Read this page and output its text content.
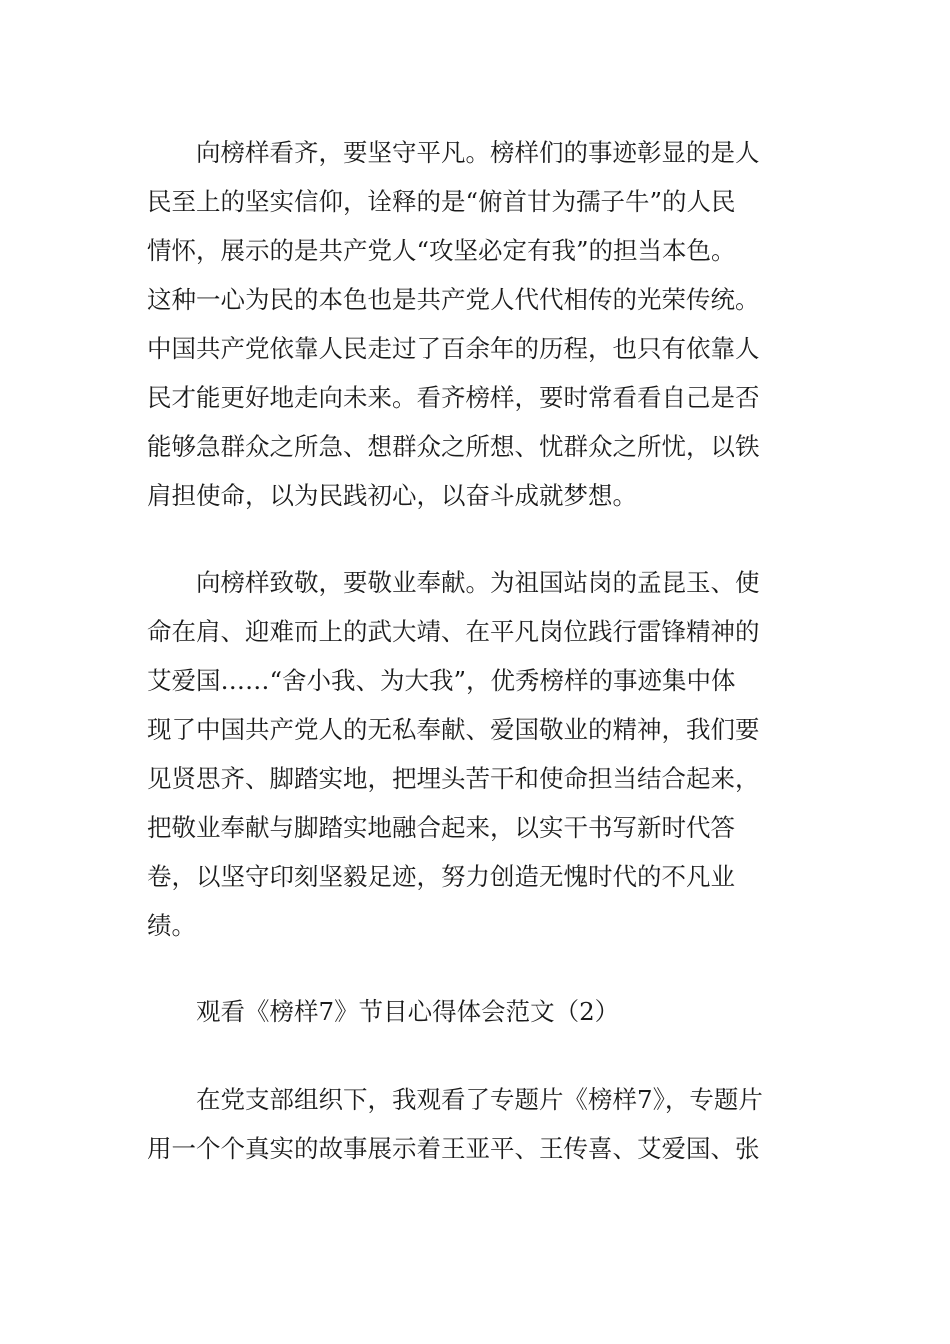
向榜样看齐，要坚守平凡。榜样们的事迹彰显的是人

民至上的坚实信仰，诠释的是“俯首甘为孺子牛”的人民

情怀，展示的是共产党人“攻坚必定有我”的担当本色。

这种一心为民的本色也是共产党人代代相传的光荣传统。

中国共产党依靠人民走过了百余年的历程，也只有依靠人

民才能更好地走向未来。看齐榜样，要时常看看自己是否

能够急群众之所急、想群众之所想、忧群众之所忧，以铁

肩担使命，以为民践初心，以奋斗成就梦想。

向榜样致敬，要敬业奉献。为祖国站岗的孟昆玉、使

命在肩、迎难而上的武大靖、在平凡岗位践行雷锋精神的

艾爱国……“舍小我、为大我”，优秀榜样的事迹集中体

现了中国共产党人的无私奉献、爱国敬业的精神，我们要

见贤思齐、脚踏实地，把埋头苦干和使命担当结合起来，

把敬业奉献与脚踏实地融合起来，以实干书写新时代答

卷，以坚守印刻坚毅足迹，努力创造无愧时代的不凡业

绩。

观看《榜样7》节目心得体会范文（2）

在党支部组织下，我观看了专题片《榜样7》，专题片

用一个个真实的故事展示着王亚平、王传喜、艾爱国、张
